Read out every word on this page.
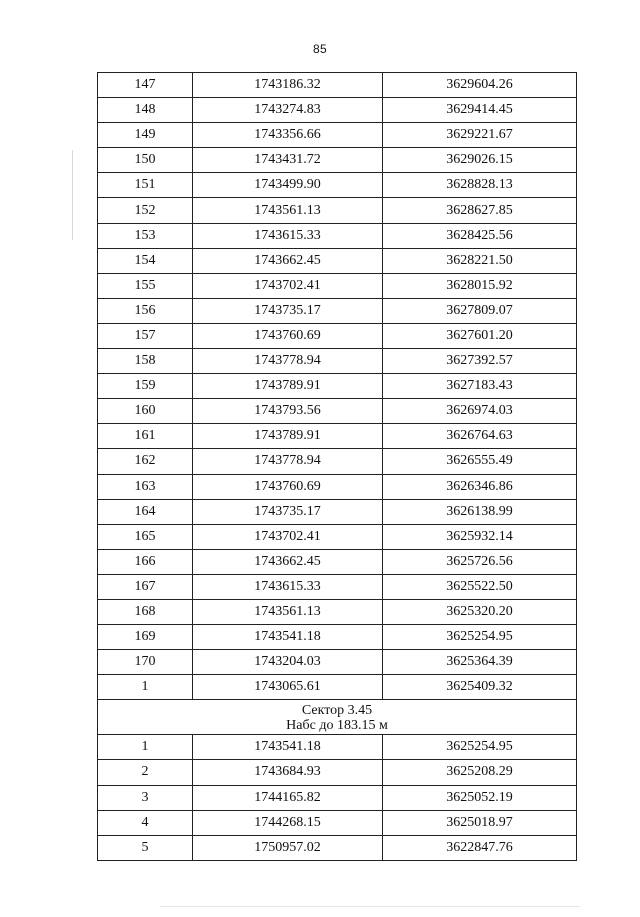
85
147	1743186.32	3629604.26
148	1743274.83	3629414.45
149	1743356.66	3629221.67
150	1743431.72	3629026.15
151	1743499.90	3628828.13
152	1743561.13	3628627.85
153	1743615.33	3628425.56
154	1743662.45	3628221.50
155	1743702.41	3628015.92
156	1743735.17	3627809.07
157	1743760.69	3627601.20
158	1743778.94	3627392.57
159	1743789.91	3627183.43
160	1743793.56	3626974.03
161	1743789.91	3626764.63
162	1743778.94	3626555.49
163	1743760.69	3626346.86
164	1743735.17	3626138.99
165	1743702.41	3625932.14
166	1743662.45	3625726.56
167	1743615.33	3625522.50
168	1743561.13	3625320.20
169	1743541.18	3625254.95
170	1743204.03	3625364.39
1	1743065.61	3625409.32

Сектор 3.45
Набс до 183.15 м		

1	1743541.18	3625254.95
2	1743684.93	3625208.29
3	1744165.82	3625052.19
4	1744268.15	3625018.97
5	1750957.02	3622847.76
